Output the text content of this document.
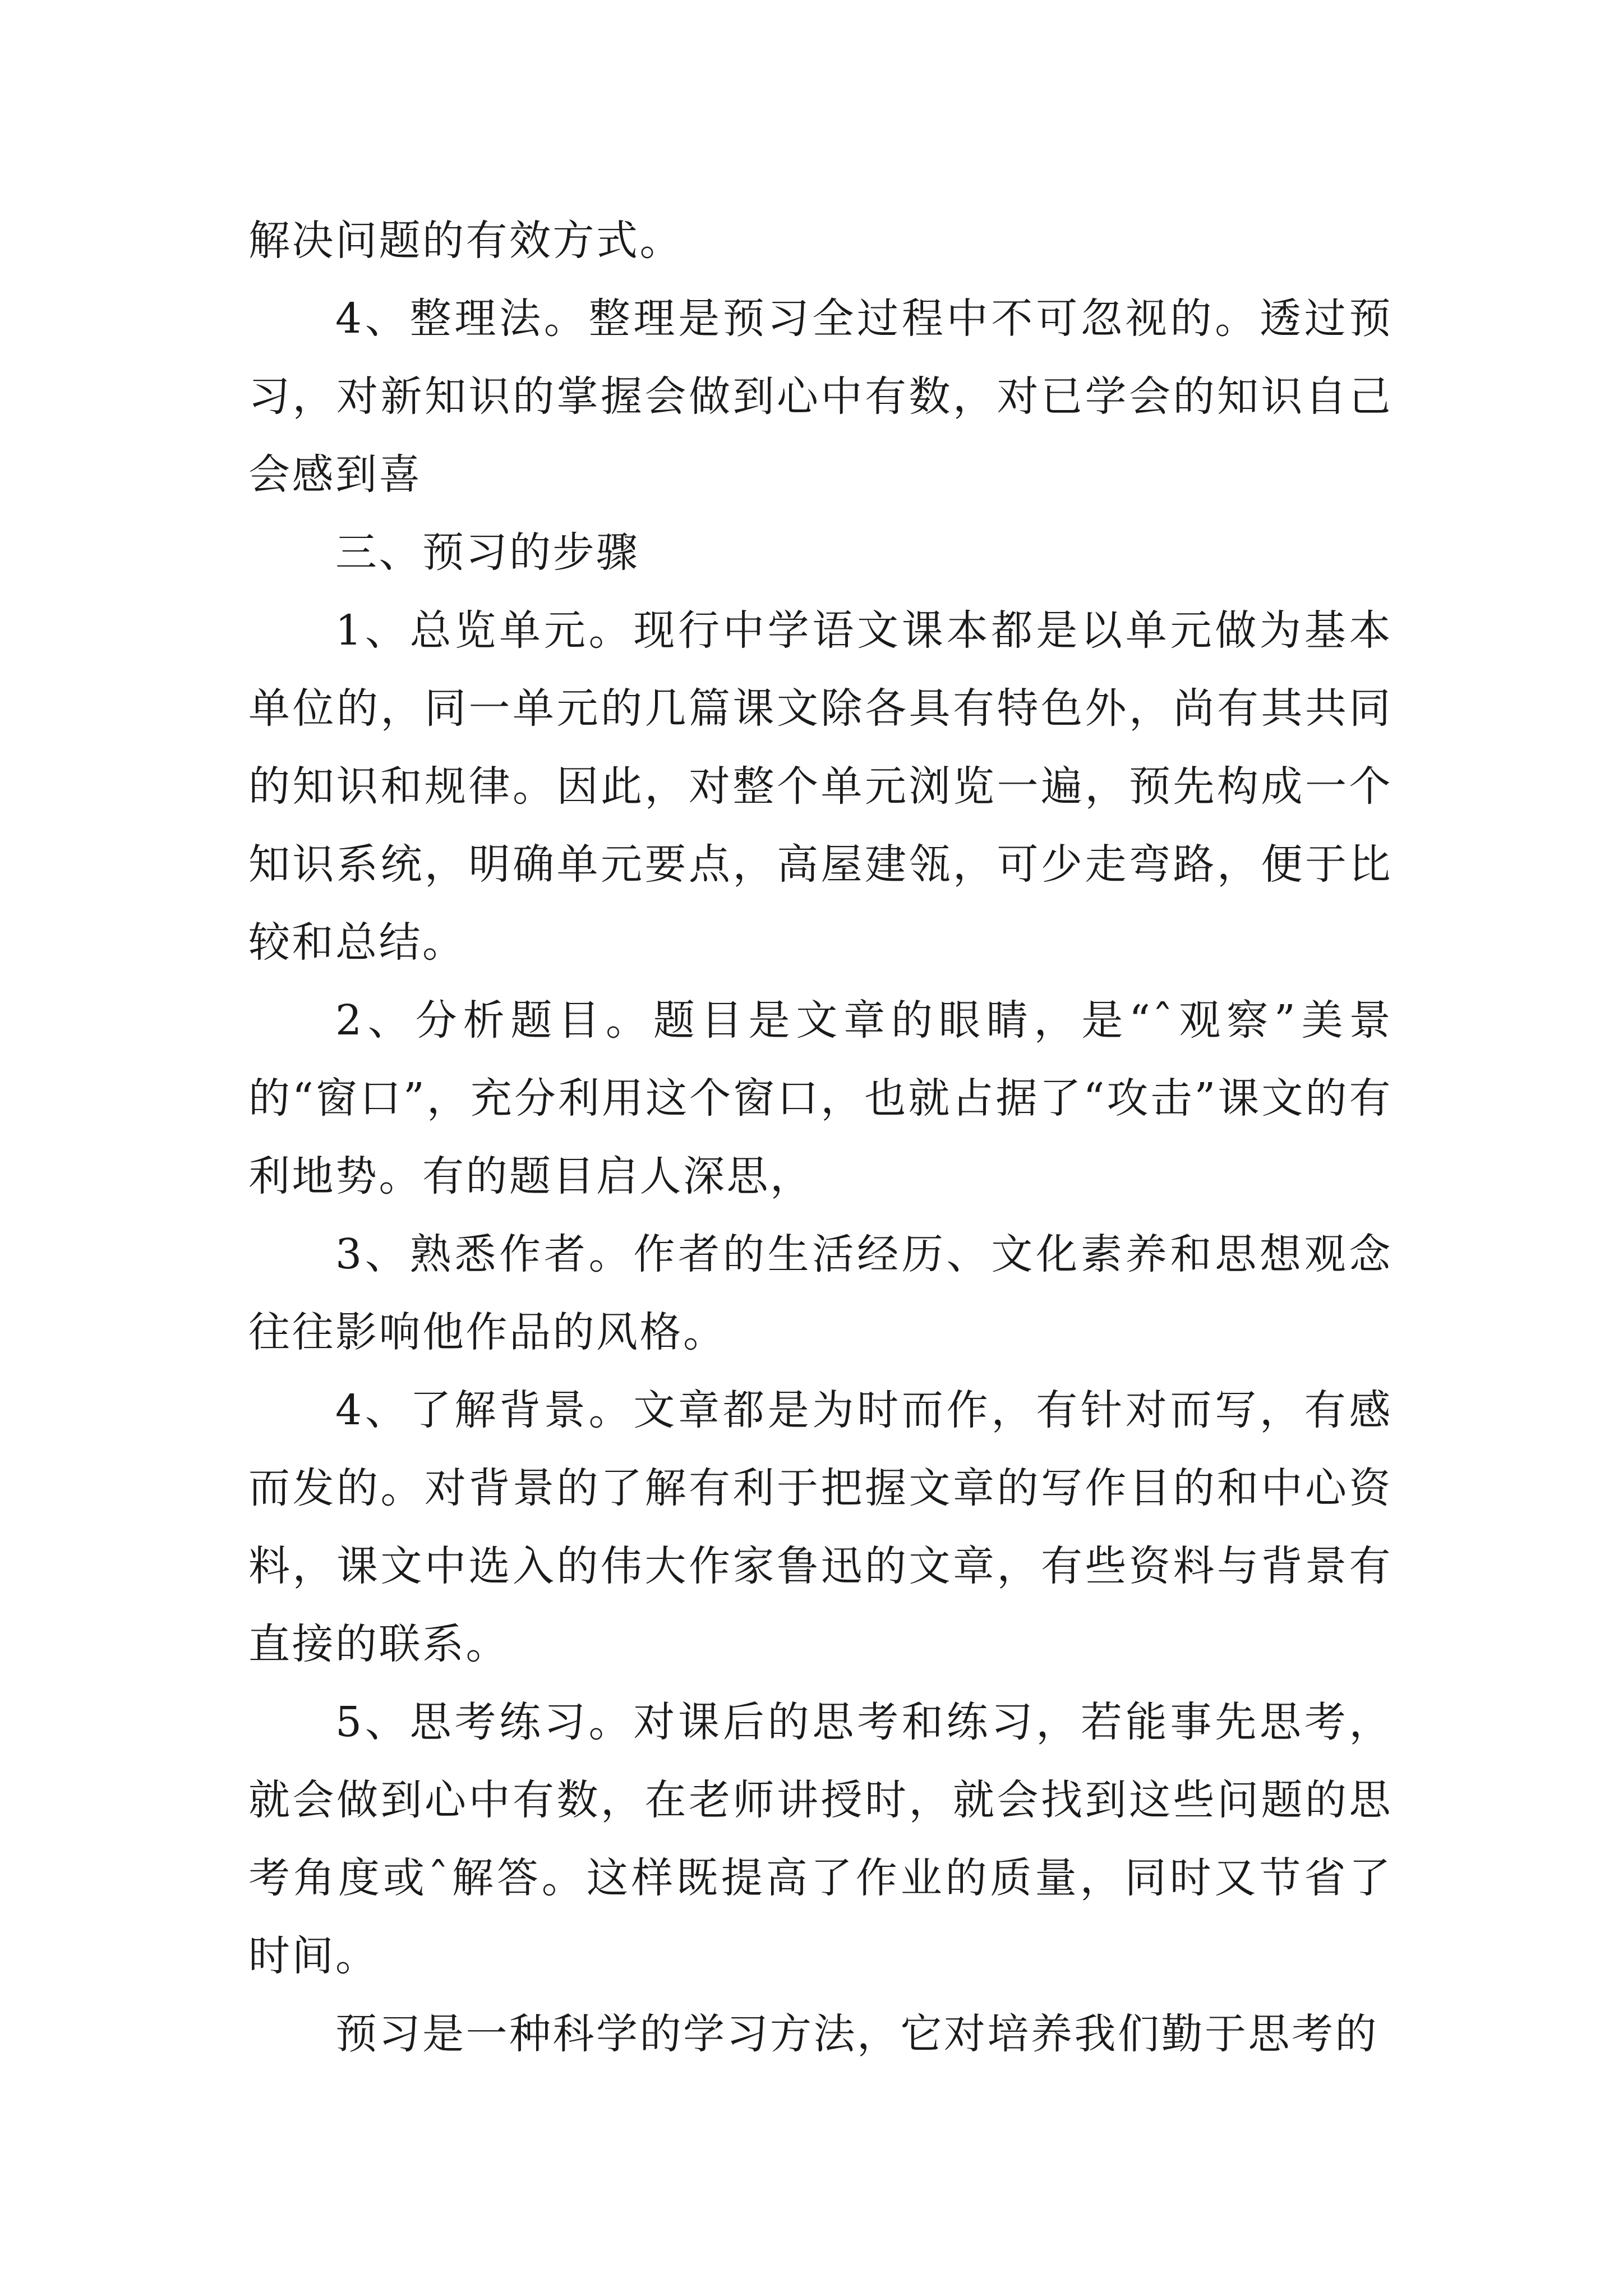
解决问题的有效方式。

4、整理法。整理是预习全过程中不可忽视的。透过预习，对新知识的掌握会做到心中有数，对已学会的知识自己会感到喜

三、预习的步骤

1、总览单元。现行中学语文课本都是以单元做为基本单位的，同一单元的几篇课文除各具有特色外，尚有其共同的知识和规律。因此，对整个单元浏览一遍，预先构成一个知识系统，明确单元要点，高屋建瓴，可少走弯路，便于比较和总结。

2、分析题目。题目是文章的眼睛，是“ˆ观察”美景的“窗口”，充分利用这个窗口，也就占据了“攻击”课文的有利地势。有的题目启人深思，

3、熟悉作者。作者的生活经历、文化素养和思想观念往往影响他作品的风格。

4、了解背景。文章都是为时而作，有针对而写，有感而发的。对背景的了解有利于把握文章的写作目的和中心资料，课文中选入的伟大作家鲁迅的文章，有些资料与背景有直接的联系。

5、思考练习。对课后的思考和练习，若能事先思考，就会做到心中有数，在老师讲授时，就会找到这些问题的思考角度或ˆ解答。这样既提高了作业的质量，同时又节省了时间。

预习是一种科学的学习方法，它对培养我们勤于思考的
